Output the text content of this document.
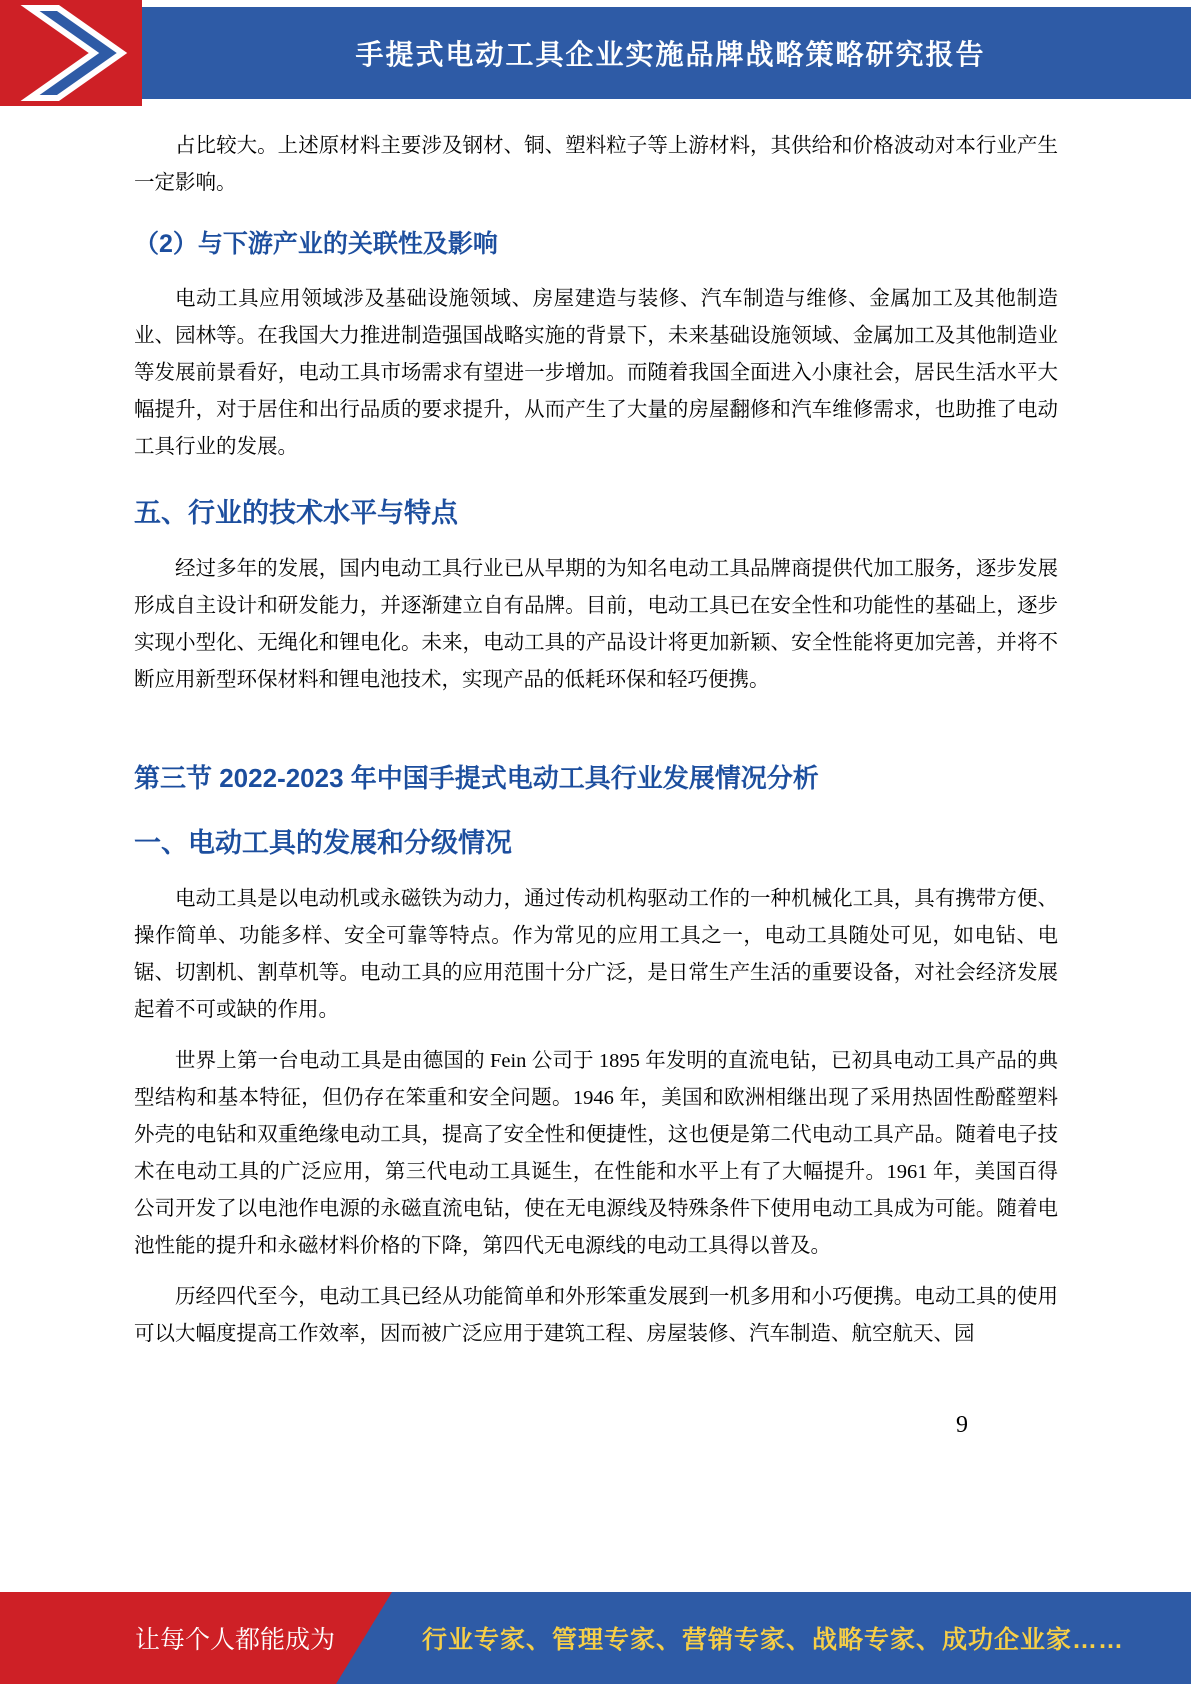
手提式电动工具企业实施品牌战略策略研究报告

占比较大。上述原材料主要涉及钢材、铜、塑料粒子等上游材料，其供给和价格波动对本行业产生一定影响。

（2）与下游产业的关联性及影响

电动工具应用领域涉及基础设施领域、房屋建造与装修、汽车制造与维修、金属加工及其他制造业、园林等。在我国大力推进制造强国战略实施的背景下，未来基础设施领域、金属加工及其他制造业等发展前景看好，电动工具市场需求有望进一步增加。而随着我国全面进入小康社会，居民生活水平大幅提升，对于居住和出行品质的要求提升，从而产生了大量的房屋翻修和汽车维修需求，也助推了电动工具行业的发展。

五、行业的技术水平与特点

经过多年的发展，国内电动工具行业已从早期的为知名电动工具品牌商提供代加工服务，逐步发展形成自主设计和研发能力，并逐渐建立自有品牌。目前，电动工具已在安全性和功能性的基础上，逐步实现小型化、无绳化和锂电化。未来，电动工具的产品设计将更加新颖、安全性能将更加完善，并将不断应用新型环保材料和锂电池技术，实现产品的低耗环保和轻巧便携。

第三节 2022-2023 年中国手提式电动工具行业发展情况分析
一、电动工具的发展和分级情况

电动工具是以电动机或永磁铁为动力，通过传动机构驱动工作的一种机械化工具，具有携带方便、操作简单、功能多样、安全可靠等特点。作为常见的应用工具之一，电动工具随处可见，如电钻、电锯、切割机、割草机等。电动工具的应用范围十分广泛，是日常生产生活的重要设备，对社会经济发展起着不可或缺的作用。

世界上第一台电动工具是由德国的 Fein 公司于 1895 年发明的直流电钻，已初具电动工具产品的典型结构和基本特征，但仍存在笨重和安全问题。1946 年，美国和欧洲相继出现了采用热固性酚醛塑料外壳的电钻和双重绝缘电动工具，提高了安全性和便捷性，这也便是第二代电动工具产品。随着电子技术在电动工具的广泛应用，第三代电动工具诞生，在性能和水平上有了大幅提升。1961 年，美国百得公司开发了以电池作电源的永磁直流电钻，使在无电源线及特殊条件下使用电动工具成为可能。随着电池性能的提升和永磁材料价格的下降，第四代无电源线的电动工具得以普及。

历经四代至今，电动工具已经从功能简单和外形笨重发展到一机多用和小巧便携。电动工具的使用可以大幅度提高工作效率，因而被广泛应用于建筑工程、房屋装修、汽车制造、航空航天、园

9
让每个人都能成为	行业专家、管理专家、营销专家、战略专家、成功企业家……
